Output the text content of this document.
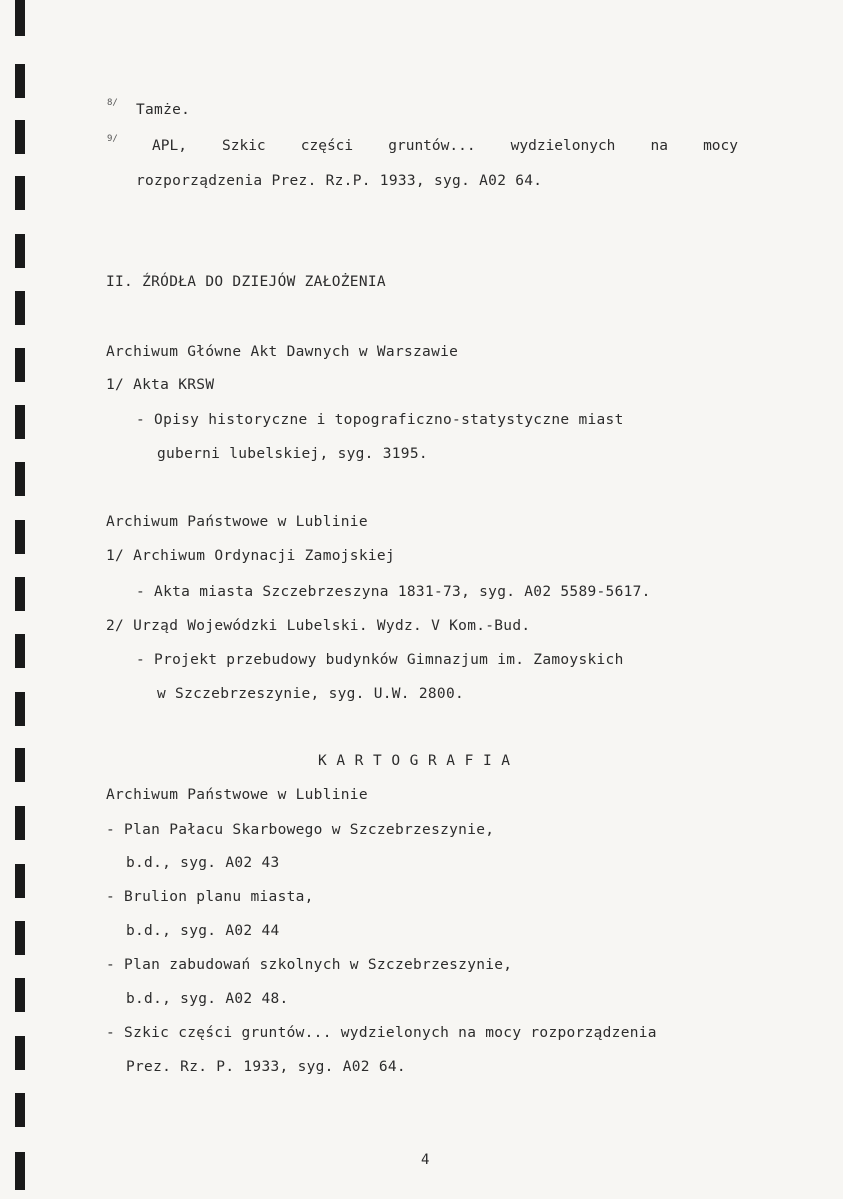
8/ Tamże.
9/ APL, Szkic części gruntów... wydzielonych na mocy
rozporządzenia Prez. Rz.P. 1933, syg. A02 64.
II. ŹRÓDŁA DO DZIEJÓW ZAŁOŻENIA
Archiwum Główne Akt Dawnych w Warszawie
1/ Akta KRSW
- Opisy historyczne i topograficzno-statystyczne miast
guberni lubelskiej, syg. 3195.
Archiwum Państwowe w Lublinie
1/ Archiwum Ordynacji Zamojskiej
- Akta miasta Szczebrzeszyna 1831-73, syg. A02 5589-5617.
2/ Urząd Wojewódzki Lubelski. Wydz. V Kom.-Bud.
- Projekt przebudowy budynków Gimnazjum im. Zamoyskich
w Szczebrzeszynie, syg. U.W. 2800.
KARTOGRAFIA
Archiwum Państwowe w Lublinie
- Plan Pałacu Skarbowego w Szczebrzeszynie,
b.d., syg. A02 43
- Brulion planu miasta,
b.d., syg. A02 44
- Plan zabudowań szkolnych w Szczebrzeszynie,
b.d., syg. A02 48.
- Szkic części gruntów... wydzielonych na mocy rozporządzenia
Prez. Rz. P. 1933, syg. A02 64.
4
